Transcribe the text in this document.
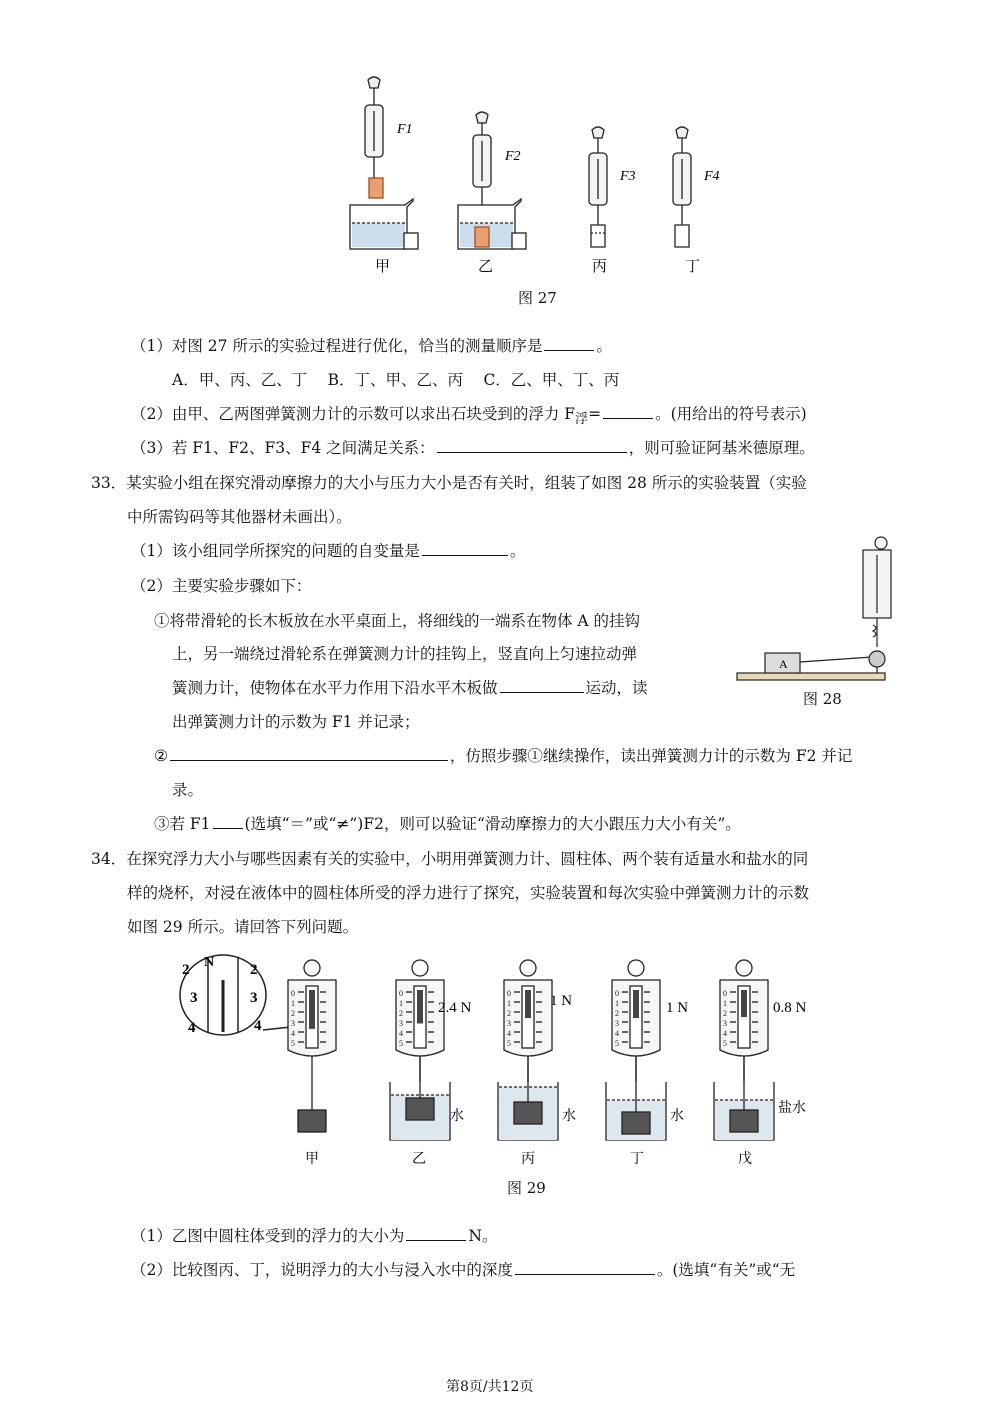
F1
F2
F3	F4
甲	乙	丙	丁
图 27
（1）对图 27 所示的实验过程进行优化，恰当的测量顺序是	。
A．甲、丙、乙、丁　 B．丁、甲、乙、丙　 C．乙、甲、丁、丙
（2）由甲、乙两图弹簧测力计的示数可以求出石块受到的浮力 $F_浮=$	。(用给出的符号表示)
（3）若 F1、F2、F3、F4 之间满足关系：	，则可验证阿基米德原理。
33．某实验小组在探究滑动摩擦力的大小与压力大小是否有关时，组装了如图 28 所示的实验装置（实验
中所需钩码等其他器材未画出）。
（1）该小组同学所探究的问题的自变量是	。
（2）主要实验步骤如下：
①将带滑轮的长木板放在水平桌面上，将细线的一端系在物体 A 的挂钩
上，另一端绕过滑轮系在弹簧测力计的挂钩上，竖直向上匀速拉动弹
簧测力计，使物体在水平力作用下沿水平木板做	运动，读
出弹簧测力计的示数为 F1 并记录；
②	，仿照步骤①继续操作，读出弹簧测力计的示数为 F2 并记
录。
③若 F1 (选填“＝”或“≠”)F2，则可以验证“滑动摩擦力的大小跟压力大小有关”。
A
图 28
34．在探究浮力大小与哪些因素有关的实验中，小明用弹簧测力计、圆柱体、两个装有适量水和盐水的同
样的烧杯，对浸在液体中的圆柱体所受的浮力进行了探究，实验装置和每次实验中弹簧测力计的示数
如图 29 所示。请回答下列问题。
N
2	2
3	3
4	4
0
1
2
3
4
5
0
1
2
3
4
5
0
1
2
3
4
5
0
1
2
3
4
5
0
1
2
3
4
5
2.4 N	1 N	1 N	0.8 N
水	水	水
盐水
甲	乙	丙	丁	戊
图 29
（1）乙图中圆柱体受到的浮力的大小为	N。
（2）比较图丙、丁，说明浮力的大小与浸入水中的深度	。(选填“有关”或“无
第8页/共12页
